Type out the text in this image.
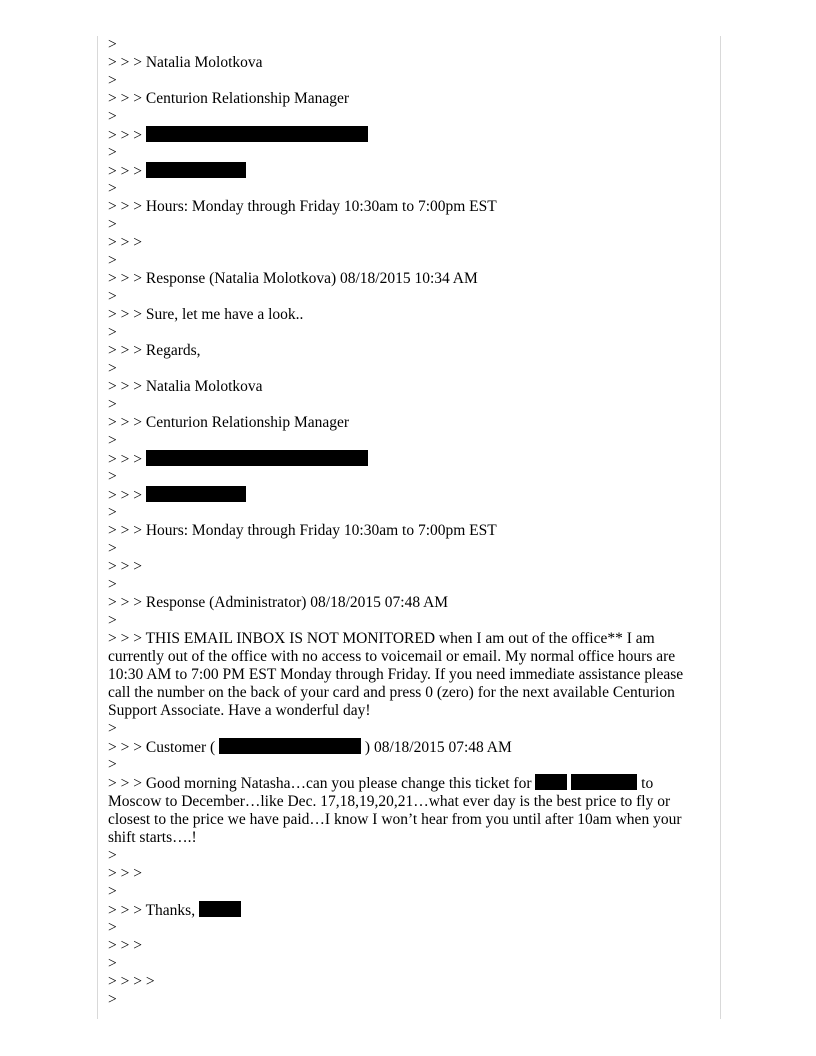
>
> > > Natalia Molotkova
>
> > > Centurion Relationship Manager
>
> > >
>
> > >
>
> > > Hours: Monday through Friday 10:30am to 7:00pm EST
>
> > >
>
> > > Response (Natalia Molotkova) 08/18/2015 10:34 AM
>
> > > Sure, let me have a look..
>
> > > Regards,
>
> > > Natalia Molotkova
>
> > > Centurion Relationship Manager
>
> > >
>
> > >
>
> > > Hours: Monday through Friday 10:30am to 7:00pm EST
>
> > >
>
> > > Response (Administrator) 08/18/2015 07:48 AM
>
> > > THIS EMAIL INBOX IS NOT MONITORED when I am out of the office** I am currently out of the office with no access to voicemail or email. My normal office hours are 10:30 AM to 7:00 PM EST Monday through Friday. If you need immediate assistance please call the number on the back of your card and press 0 (zero) for the next available Centurion Support Associate. Have a wonderful day!
>
> > > Customer (	) 08/18/2015 07:48 AM
>
> > > Good morning Natasha…can you please change this ticket for	to Moscow to December…like Dec. 17,18,19,20,21…what ever day is the best price to fly or closest to the price we have paid…I know I won’t hear from you until after 10am when your shift starts….!
>
> > >
>
> > > Thanks,
>
> > >
>
> > > >
>
